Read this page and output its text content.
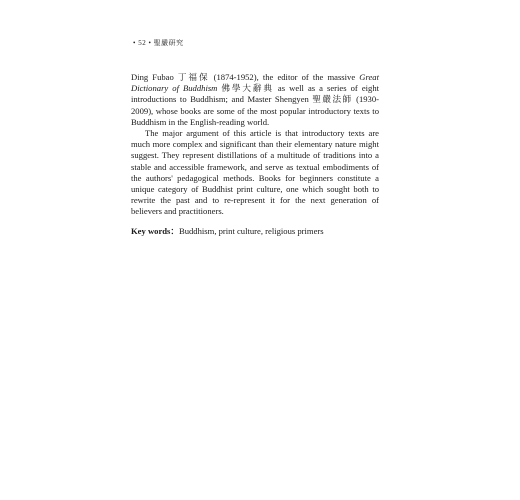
• 52 • 聖嚴研究

Ding Fubao 丁福保 (1874-1952), the editor of the massive Great Dictionary of Buddhism 佛學大辭典 as well as a series of eight introductions to Buddhism; and Master Shengyen 聖嚴法師 (1930-2009), whose books are some of the most popular introductory texts to Buddhism in the English-reading world.

The major argument of this article is that introductory texts are much more complex and significant than their elementary nature might suggest. They represent distillations of a multitude of traditions into a stable and accessible framework, and serve as textual embodiments of the authors' pedagogical methods. Books for beginners constitute a unique category of Buddhist print culture, one which sought both to rewrite the past and to re-represent it for the next generation of believers and practitioners.

Key words：Buddhism, print culture, religious primers
